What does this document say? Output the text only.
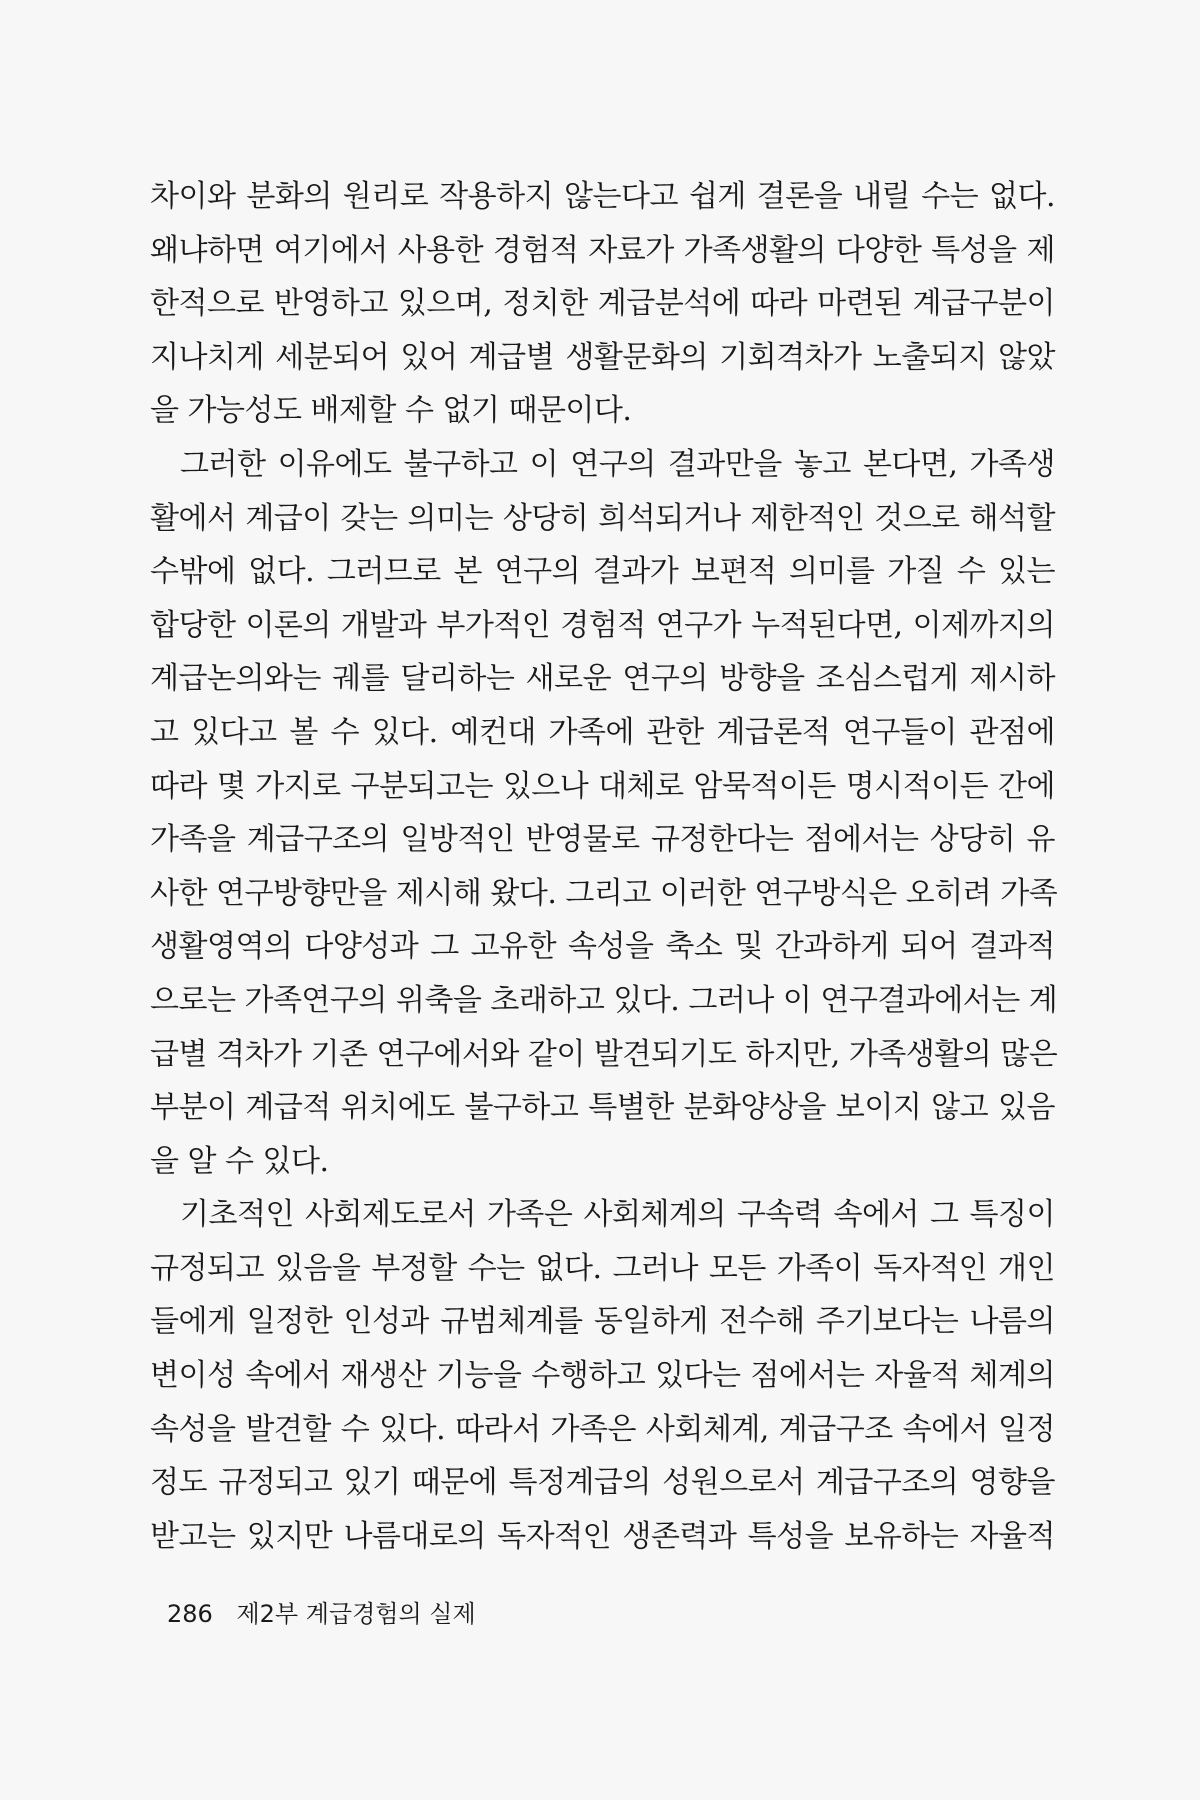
차이와 분화의 원리로 작용하지 않는다고 쉽게 결론을 내릴 수는 없다.
왜냐하면 여기에서 사용한 경험적 자료가 가족생활의 다양한 특성을 제
한적으로 반영하고 있으며, 정치한 계급분석에 따라 마련된 계급구분이
지나치게 세분되어 있어 계급별 생활문화의 기회격차가 노출되지 않았
을 가능성도 배제할 수 없기 때문이다.
그러한 이유에도 불구하고 이 연구의 결과만을 놓고 본다면, 가족생
활에서 계급이 갖는 의미는 상당히 희석되거나 제한적인 것으로 해석할
수밖에 없다. 그러므로 본 연구의 결과가 보편적 의미를 가질 수 있는
합당한 이론의 개발과 부가적인 경험적 연구가 누적된다면, 이제까지의
계급논의와는 궤를 달리하는 새로운 연구의 방향을 조심스럽게 제시하
고 있다고 볼 수 있다. 예컨대 가족에 관한 계급론적 연구들이 관점에
따라 몇 가지로 구분되고는 있으나 대체로 암묵적이든 명시적이든 간에
가족을 계급구조의 일방적인 반영물로 규정한다는 점에서는 상당히 유
사한 연구방향만을 제시해 왔다. 그리고 이러한 연구방식은 오히려 가족
생활영역의 다양성과 그 고유한 속성을 축소 및 간과하게 되어 결과적
으로는 가족연구의 위축을 초래하고 있다. 그러나 이 연구결과에서는 계
급별 격차가 기존 연구에서와 같이 발견되기도 하지만, 가족생활의 많은
부분이 계급적 위치에도 불구하고 특별한 분화양상을 보이지 않고 있음
을 알 수 있다.
기초적인 사회제도로서 가족은 사회체계의 구속력 속에서 그 특징이
규정되고 있음을 부정할 수는 없다. 그러나 모든 가족이 독자적인 개인
들에게 일정한 인성과 규범체계를 동일하게 전수해 주기보다는 나름의
변이성 속에서 재생산 기능을 수행하고 있다는 점에서는 자율적 체계의
속성을 발견할 수 있다. 따라서 가족은 사회체계, 계급구조 속에서 일정
정도 규정되고 있기 때문에 특정계급의 성원으로서 계급구조의 영향을
받고는 있지만 나름대로의 독자적인 생존력과 특성을 보유하는 자율적
286 제2부 계급경험의 실제
